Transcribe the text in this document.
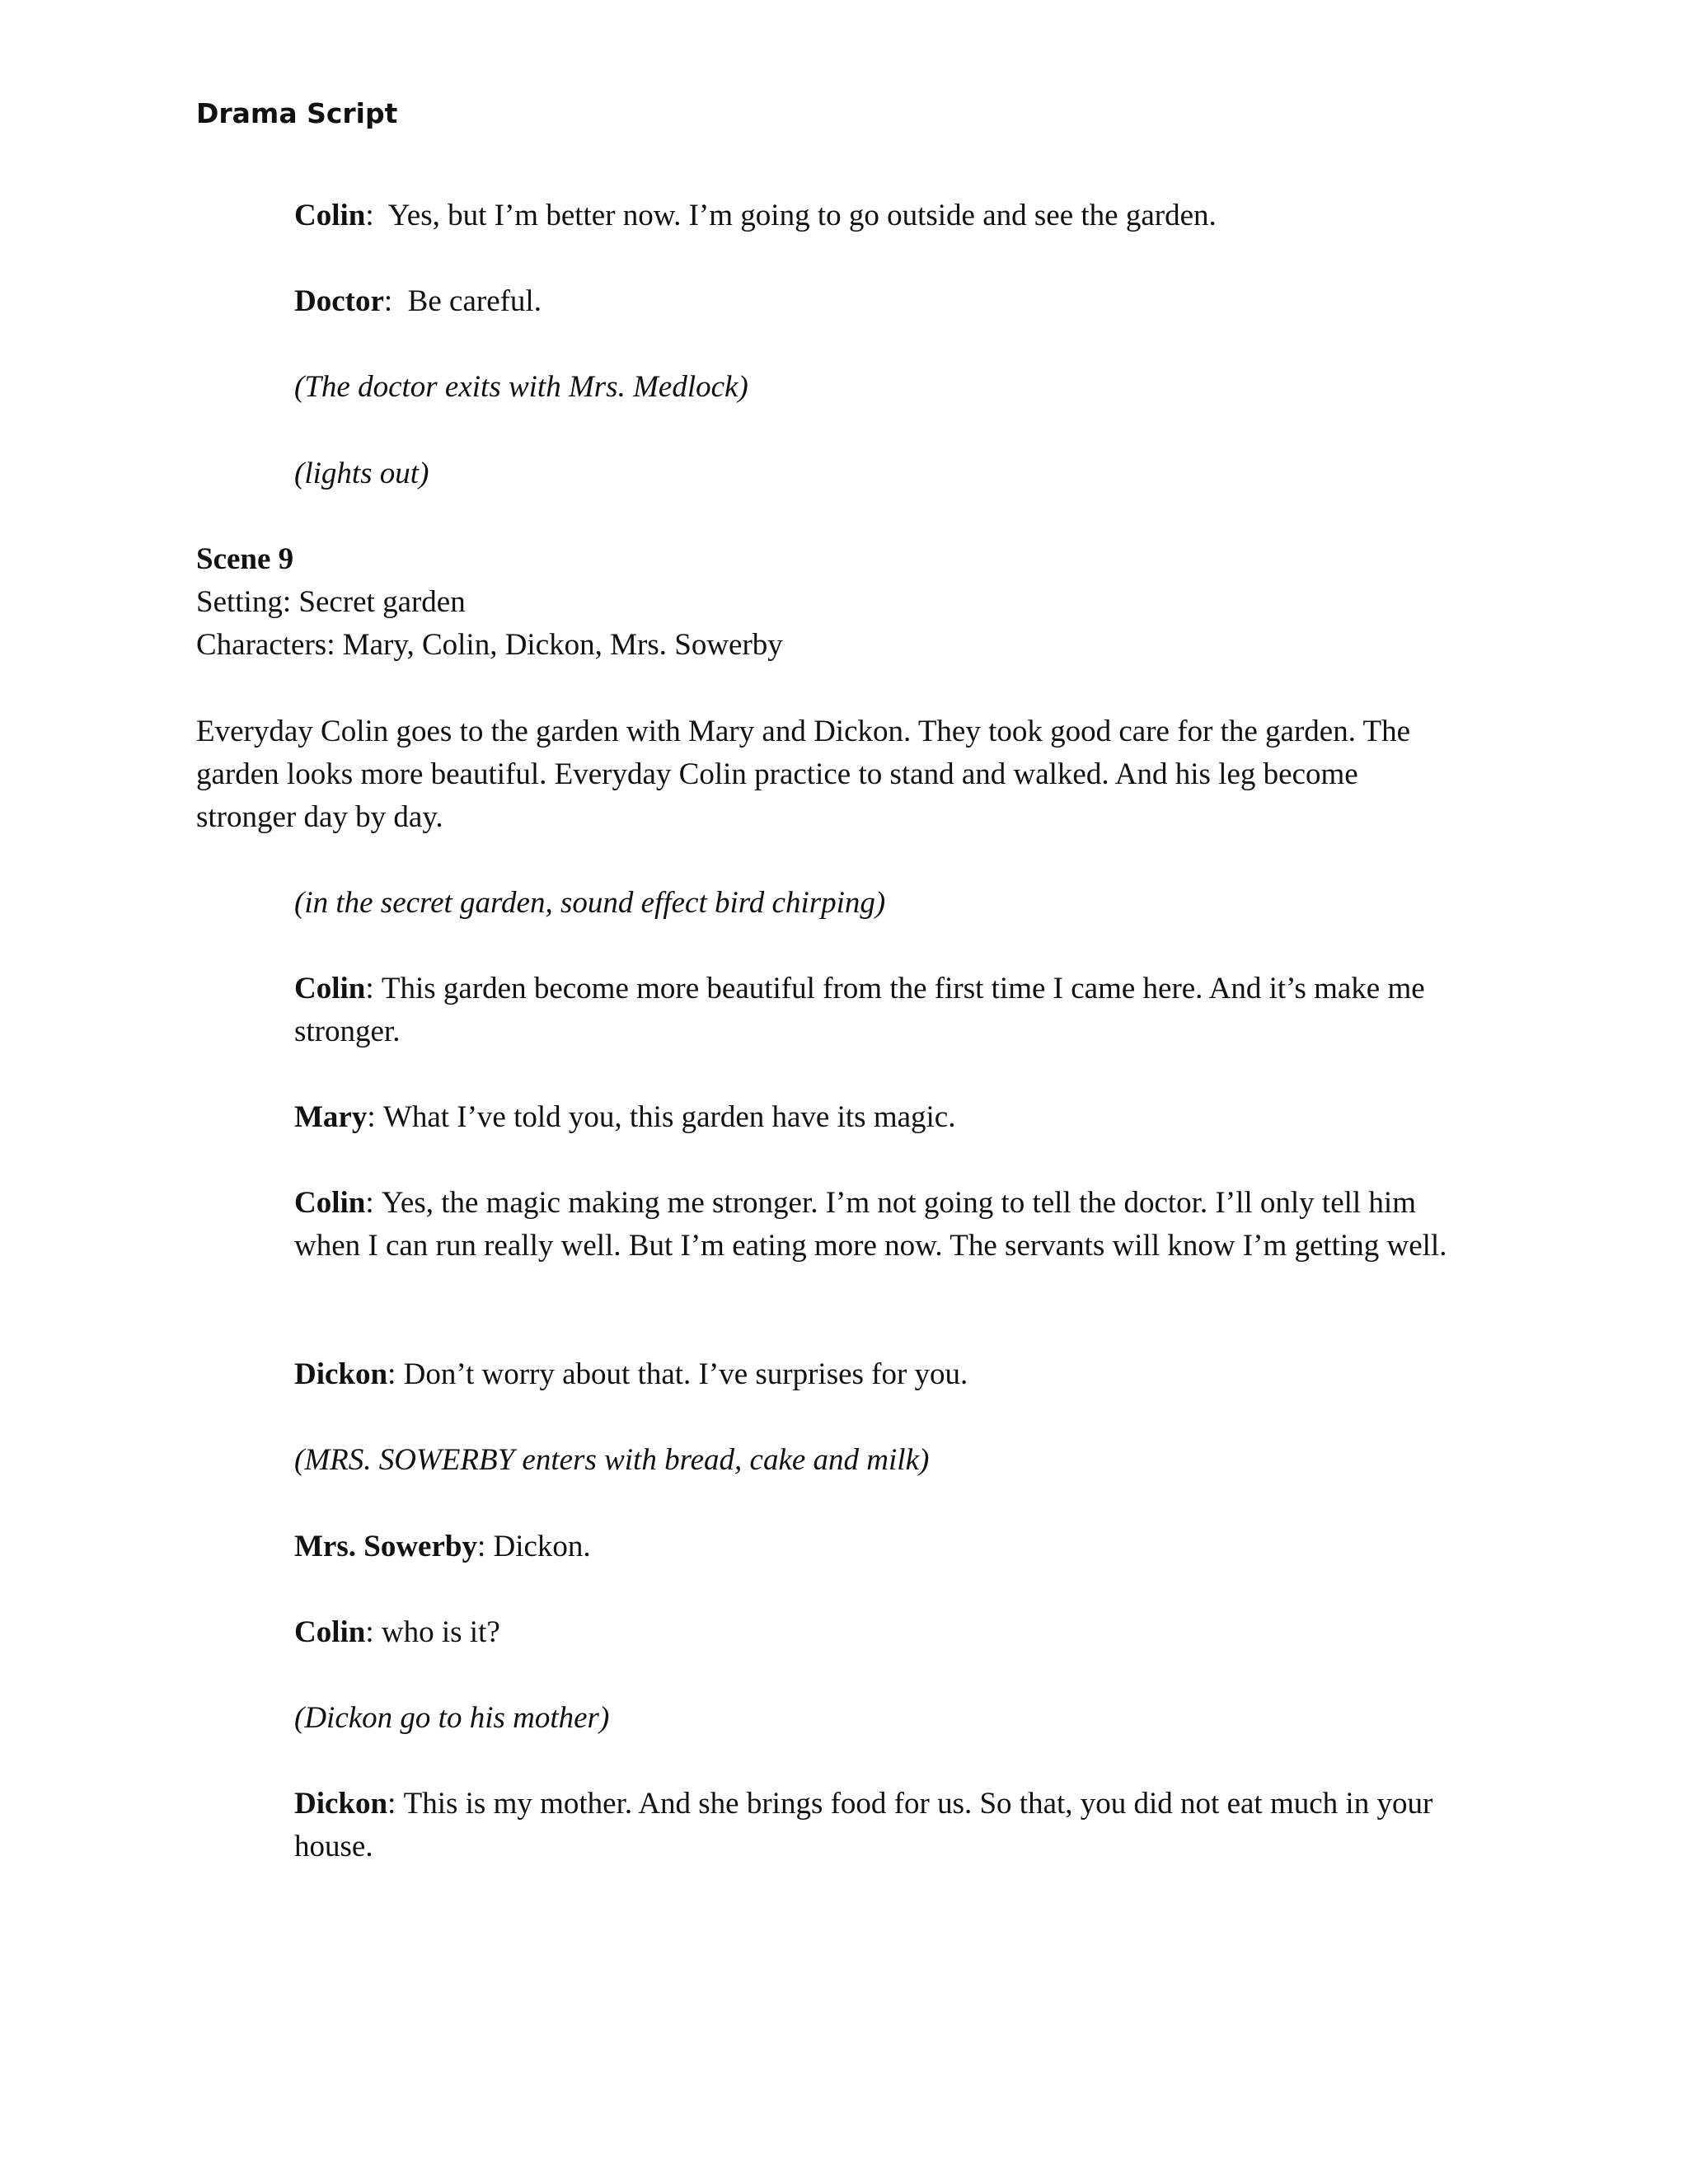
Drama Script
Colin:  Yes, but I’m better now. I’m going to go outside and see the garden.
Doctor:  Be careful.
(The doctor exits with Mrs. Medlock)
(lights out)
Scene 9
Setting: Secret garden
Characters: Mary, Colin, Dickon, Mrs. Sowerby
Everyday Colin goes to the garden with Mary and Dickon. They took good care for the garden. The garden looks more beautiful. Everyday Colin practice to stand and walked. And his leg become stronger day by day.
(in the secret garden, sound effect bird chirping)
Colin: This garden become more beautiful from the first time I came here. And it’s make me stronger.
Mary: What I’ve told you, this garden have its magic.
Colin: Yes, the magic making me stronger. I’m not going to tell the doctor. I’ll only tell him when I can run really well. But I’m eating more now. The servants will know I’m getting well.
Dickon: Don’t worry about that. I’ve surprises for you.
(MRS. SOWERBY enters with bread, cake and milk)
Mrs. Sowerby: Dickon.
Colin: who is it?
(Dickon go to his mother)
Dickon: This is my mother. And she brings food for us. So that, you did not eat much in your house.
